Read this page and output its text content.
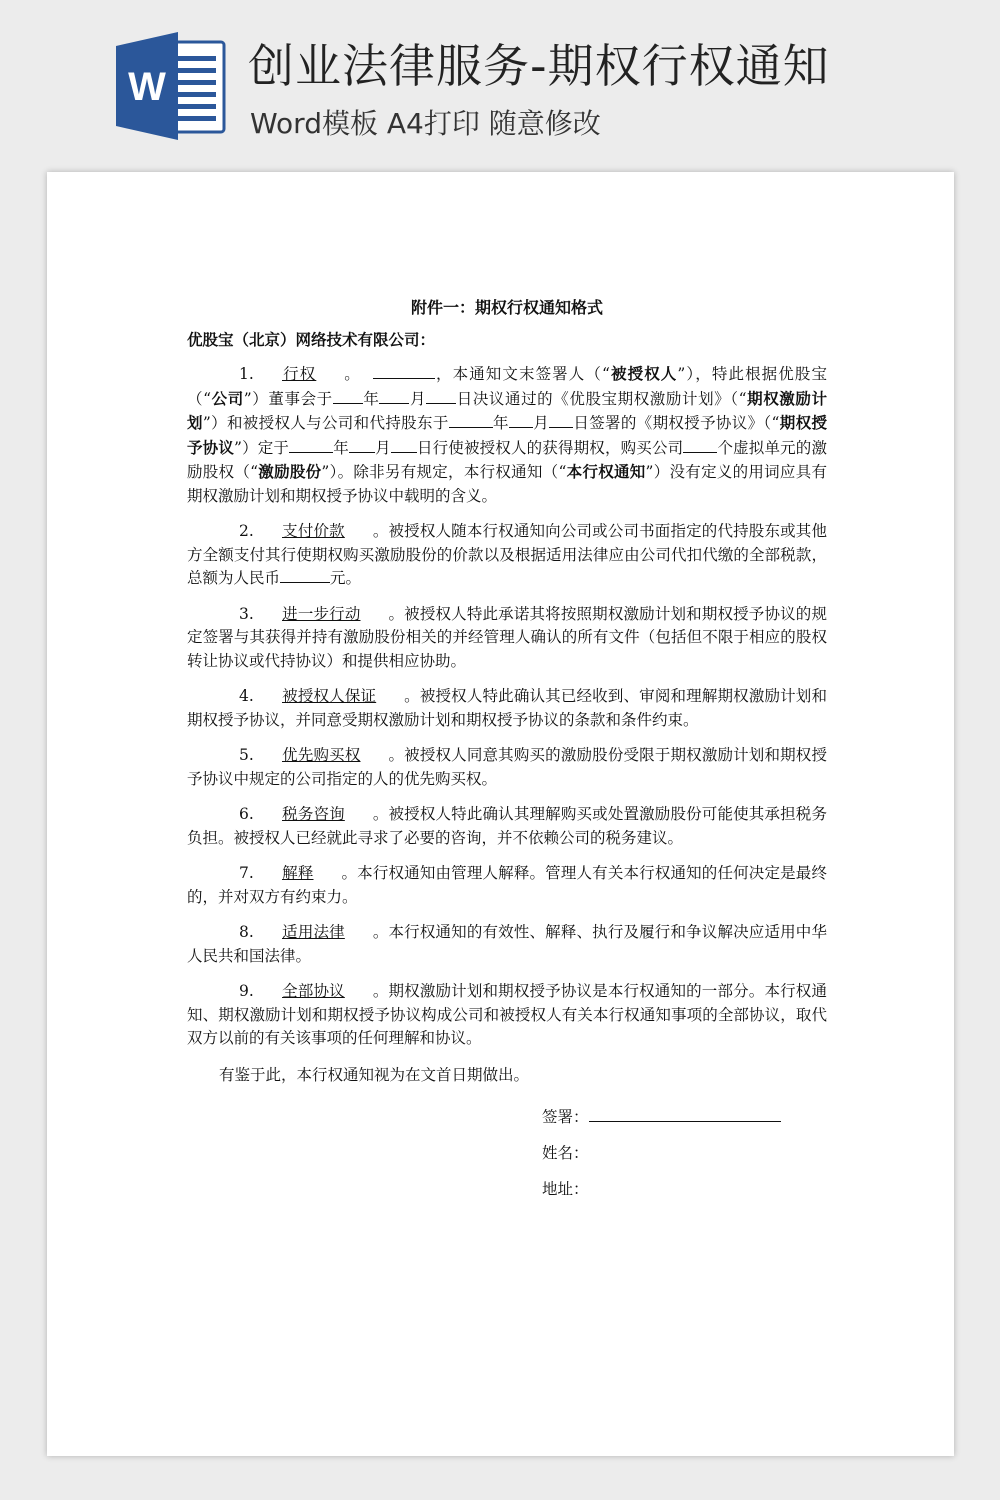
W 创业法律服务-期权行权通知
Word模板 A4打印 随意修改
附件一：期权行权通知格式
优股宝（北京）网络技术有限公司：
1. 行权 。	，本通知文末签署人（“被授权人”），特此根据优股宝（“公司”）董事会于 年 月 日决议通过的《优股宝期权激励计划》（“期权激励计划”）和被授权人与公司和代持股东于	年 月 日签署的《期权授予协议》（“期权授予协议”）定于	年 月 日行使被授权人的获得期权，购买公司 个虚拟单元的激励股权（“激励股份”）。除非另有规定，本行权通知（“本行权通知”）没有定义的用词应具有期权激励计划和期权授予协议中载明的含义。
2. 支付价款 。被授权人随本行权通知向公司或公司书面指定的代持股东或其他方全额支付其行使期权购买激励股份的价款以及根据适用法律应由公司代扣代缴的全部税款，总额为人民币	元。
3. 进一步行动 。被授权人特此承诺其将按照期权激励计划和期权授予协议的规定签署与其获得并持有激励股份相关的并经管理人确认的所有文件（包括但不限于相应的股权转让协议或代持协议）和提供相应协助。
4. 被授权人保证 。被授权人特此确认其已经收到、审阅和理解期权激励计划和期权授予协议，并同意受期权激励计划和期权授予协议的条款和条件约束。
5. 优先购买权 。被授权人同意其购买的激励股份受限于期权激励计划和期权授予协议中规定的公司指定的人的优先购买权。
6. 税务咨询 。被授权人特此确认其理解购买或处置激励股份可能使其承担税务负担。被授权人已经就此寻求了必要的咨询，并不依赖公司的税务建议。
7. 解释 。本行权通知由管理人解释。管理人有关本行权通知的任何决定是最终的，并对双方有约束力。
8. 适用法律 。本行权通知的有效性、解释、执行及履行和争议解决应适用中华人民共和国法律。
9. 全部协议 。期权激励计划和期权授予协议是本行权通知的一部分。本行权通知、期权激励计划和期权授予协议构成公司和被授权人有关本行权通知事项的全部协议，取代双方以前的有关该事项的任何理解和协议。
有鉴于此，本行权通知视为在文首日期做出。
签署：
姓名：
地址：
